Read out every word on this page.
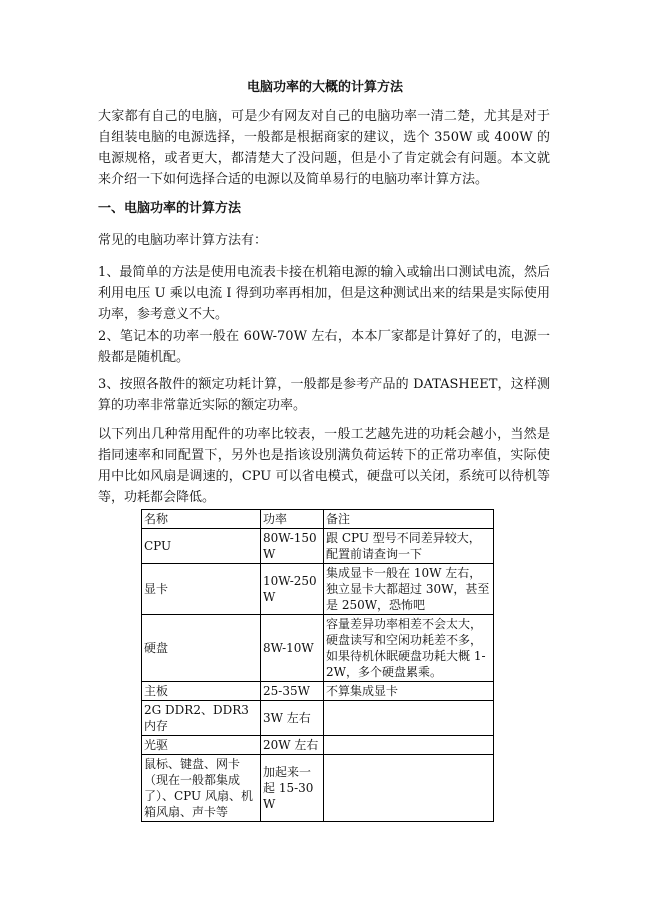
电脑功率的大概的计算方法

大家都有自己的电脑，可是少有网友对自己的电脑功率一清二楚，尤其是对于自组装电脑的电源选择，一般都是根据商家的建议，选个 350W 或 400W 的电源规格，或者更大，都清楚大了没问题，但是小了肯定就会有问题。本文就来介绍一下如何选择合适的电源以及简单易行的电脑功率计算方法。

一、电脑功率的计算方法

常见的电脑功率计算方法有：

1、最简单的方法是使用电流表卡接在机箱电源的输入或输出口测试电流，然后利用电压 U 乘以电流 I 得到功率再相加，但是这种测试出来的结果是实际使用功率，参考意义不大。

2、笔记本的功率一般在 60W-70W 左右，本本厂家都是计算好了的，电源一般都是随机配。

3、按照各散件的额定功耗计算，一般都是参考产品的 DATASHEET，这样测算的功率非常靠近实际的额定功率。

以下列出几种常用配件的功率比较表，一般工艺越先进的功耗会越小，当然是指同速率和同配置下，另外也是指该设別满负荷运转下的正常功率值，实际使用中比如风扇是调速的，CPU 可以省电模式，硬盘可以关闭，系统可以待机等等，功耗都会降低。

名称	功率	备注
CPU	80W-150W	跟 CPU 型号不同差异较大，配置前请查询一下
显卡	10W-250W	集成显卡一般在 10W 左右，独立显卡大都超过 30W，甚至是 250W，恐怖吧
硬盘	8W-10W	容量差异功率相差不会太大，硬盘读写和空闲功耗差不多，如果待机休眠硬盘功耗大概 1-2W，多个硬盘累乘。
主板	25-35W	不算集成显卡
2G DDR2、DDR3 内存	3W 左右	
光驱	20W 左右	
鼠标、键盘、网卡（现在一般都集成了）、CPU 风扇、机箱风扇、声卡等	加起来一起 15-30W	
